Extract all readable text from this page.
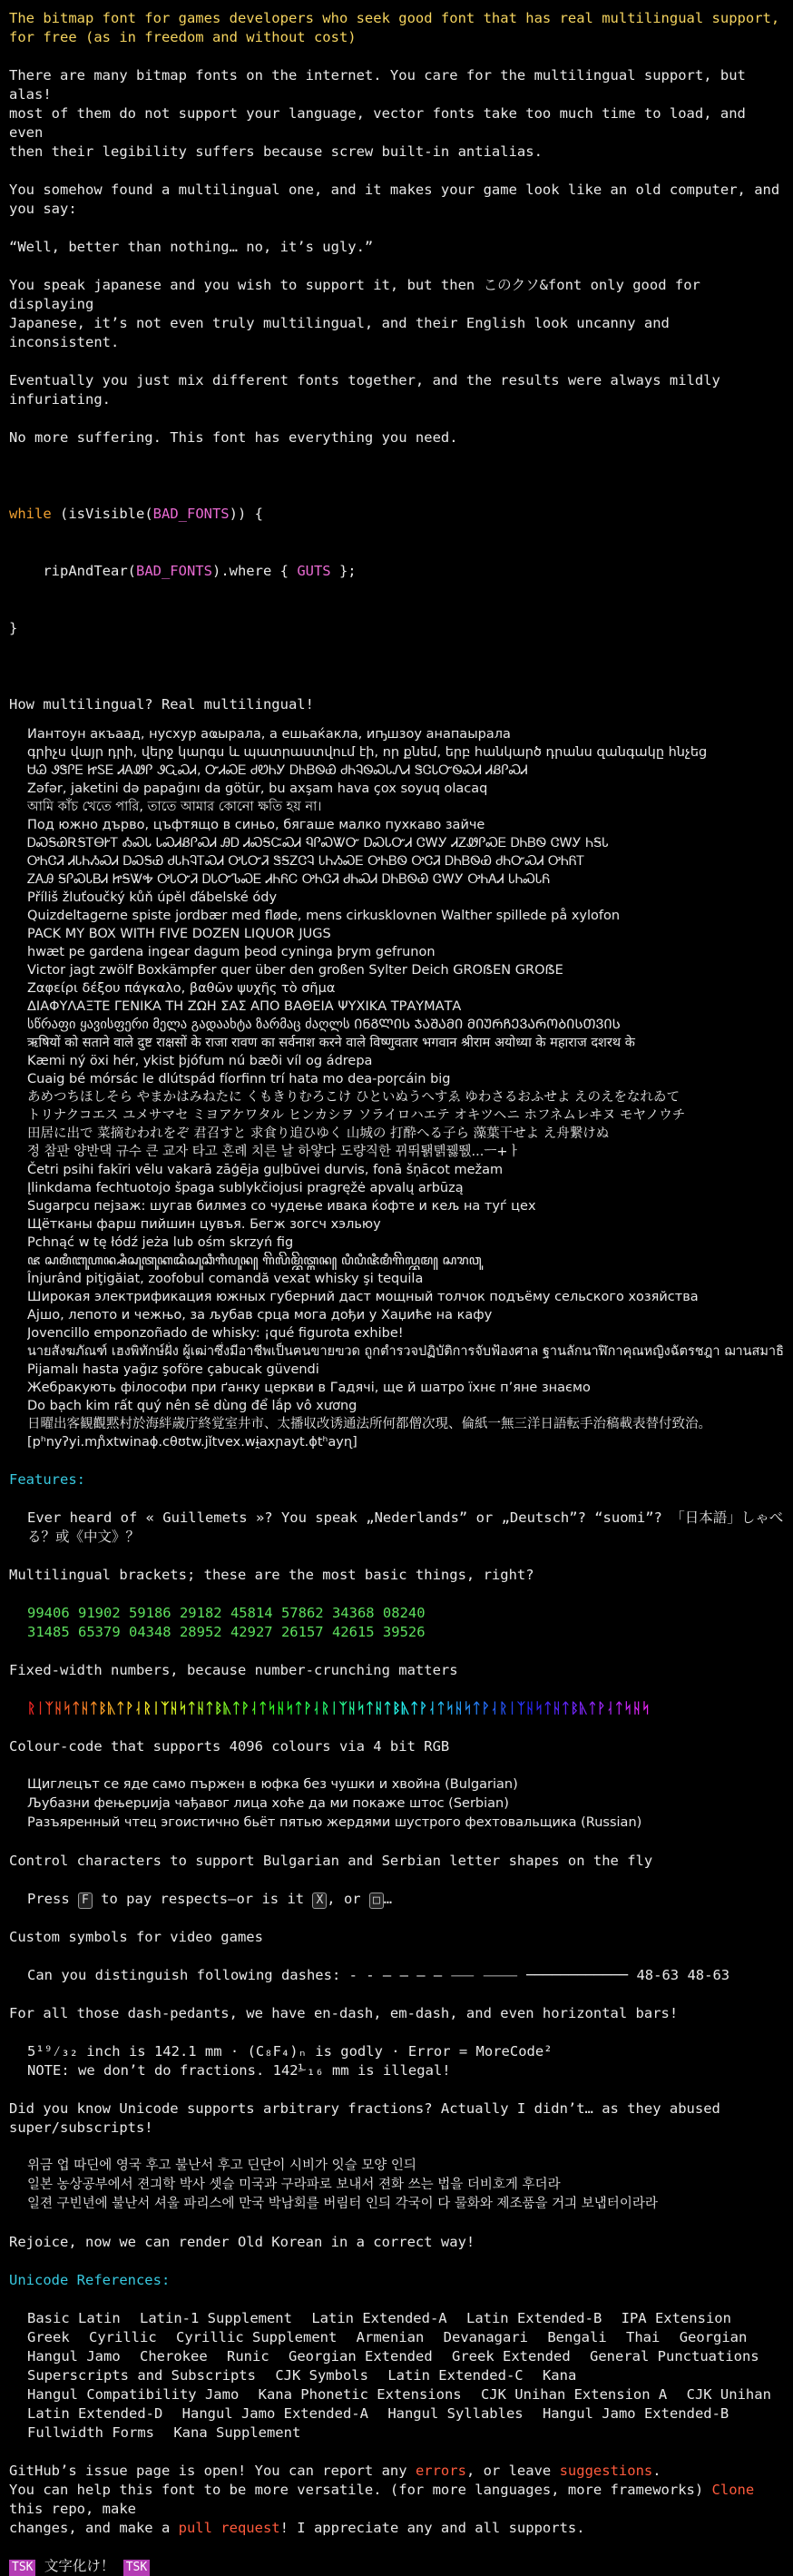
The bitmap font for games developers who seek good font that has real multilingual support,

for free (as in freedom and without cost)

There are many bitmap fonts on the internet. You care for the multilingual support, but alas!

most of them do not support your language, vector fonts take too much time to load, and even

then their legibility suffers because screw built-in antialias.

You somehow found a multilingual one, and it makes your game look like an old computer, and you say:

“Well, better than nothing… no, it’s ugly.”

You speak japanese and you wish to support it, but then このクソ&font only good for displaying

Japanese, it’s not even truly multilingual, and their English look uncanny and inconsistent.

Eventually you just mix different fonts together, and the results were always mildly infuriating.

No more suffering. This font has everything you need.

while (isVisible(BAD_FONTS)) {

ripAndTear(BAD_FONTS).where { GUTS };

}

How multilingual? Real multilingual!

Иантоун акъаад, нусхур аҩырала, а ешьаќакла, иҧшзоу анапаырала
գրիչս վայր դրի, վերջ կարգս և պատրաստվում էի, որ քնեմ, երբ հանկարծ դրանս զանգակը հնչեց
ᏌᏊ ᏭᏕᎵᎬ ᏥᏚᎬ ᏗᎪᏪᎵ ᏭᏩᏍᏗ, ᏅᏗᏍᎬ ᏧᏬᏂᎩ ᎠᏂᏴᏫᏯ ᏧᏂᎸᏫᏍᏓᏁᏗ ᏕᏣᏓᏅᏫᏍᏗ ᏗᏰᎵᏍᏗ
Zəfər, jaketini də papağını da götür, bu axşam hava çox soyuq olacaq
আমি কাঁচ খেতে পারি, তাতে আমার কোনো ক্ষতি হয় না।
Под южно дърво, цъфтящо в синьо, бягаше малко пухкаво зайче
ᎠᏍᎦᏯᎡᎦᎢᎾᎨᎢ ᎣᏍᏓ ᏓᏍᏗᏰᎵᏍᏗ ᎯᎠ ᏗᏍᎦᏨᏍᏗ ᏄᎵᏍᏔᏅ ᎠᏍᏓᏅᏗ ᏣᎳᎩ ᏗᏃᏪᎵᏍᎬ ᎠᏂᏴᏫ ᏣᎳᎩ ᏂᎦᏓ
ᎤᏂᏣᏘ ᏗᏓᏂᏱᏍᏗ ᎠᏍᎦᏯ ᏧᏓᏂᎸᎢᏍᏗ ᎤᏓᏅᏘ ᏕᎦᏃᏣᎸ ᏓᏂᏱᏍᎬ ᎤᏂᏴᏫ ᎤᏣᏘ ᎠᏂᏴᏫᏯ ᏧᏂᏅᏍᏗ ᎤᏂᏲᎢ
ᏃᎪᎯ ᎦᎵᏍᏓᏴᏗ ᏥᎦᏔᎭ ᎤᏓᏅᏘ ᎠᏓᏅᏖᏍᎬ ᏗᏂᏲᏟ ᎤᏂᏣᏘ ᏧᏂᏍᏗ ᎠᏂᏴᏫᏯ ᏣᎳᎩ ᎤᏂᎪᏗ ᏓᏂᏍᏓᏲ
Příliš žluťoučký kůň úpěl ďábelské ódy
Quizdeltagerne spiste jordbær med fløde, mens cirkusklovnen Walther spillede på xylofon
PACK MY BOX WITH FIVE DOZEN LIQUOR JUGS
hwæt pe gardena ingear dagum þeod cyninga þrym gefrunon
Victor jagt zwölf Boxkämpfer quer über den großen Sylter Deich GROẞEN GROẞE
Ζαφείρι δέξου πάγκαλο, βαθῶν ψυχῆς τὸ σῆμα
ΔΙΑΦΥΛΑΞΤΕ ΓΕΝΙΚΑ ΤΗ ΖΩΗ ΣΑΣ ΑΠΟ ΒΑΘΕΙΑ ΨΥΧΙΚΑ ΤΡΑΥΜΑΤΑ
სწრაფი ყავისფერი მელა გადაახტა ზარმაც ძაღლს ᲘᲜᲒᲚᲘᲡ ᲯᲐᲨᲐᲛᲘ ᲛᲘᲣᲠᲩᲔᲕᲐᲠᲝᲑᲘᲡᲗᲕᲘᲡ
ऋषियों को सताने वाले दुष्ट राक्षसों के राजा रावण का सर्वनाश करने वाले विष्णुवतार भगवान श्रीराम अयोध्या के महाराज दशरथ के
Kæmi ný öxi hér, ykist þjófum nú bæði víl og ádrepa
Cuaig bé mórsác le dlútspád fíorfinn trí hata mo dea-poɼcáin big
あめつちほしそら やまかはみねたに くもきりむろこけ ひといぬうへすゑ ゆわさるおふせよ えのえをなれゐて
トリナクコエス ユメサマセ ミヨアケワタル ヒンカシヲ ソライロハエテ オキツヘニ ホフネムレヰヌ モヤノウチ
田居に出で 菜摘むわれをぞ 君召すと 求食り追ひゆく 山城の 打酔へる子ら 藻葉干せよ え舟繋けぬ
정 참판 양반댁 규수 큰 교자 타고 혼례 치른 날 하얗다 도량직한 뀌뛰퇡톍꿿뛠...ㅡ+ㅏ
Četri psihi fakīri vēlu vakarā zāģēja guļbūvei durvis, fonā šņācot mežam
Įlinkdama fechtuotojo špaga sublykčiojusi pragręžė apvalų arbūzą
Sugarpcu пејзаж: шугав билмез со чудење ивака ќофте и кељ на туѓ цех
Щётканы фарш пийшин цувъя. Бегж зогсч хэльюу
Pchnąć w tę łódź jeża lub ośm skrzyń fig
ꦗ ꦱꦩꦶꦧꦸꦲꦤ꧀ꦱꦶꦱꦸꦠꦸꦏꦢꦶꦱꦸꦕꦶꦒꦶꦥꦸꦤ꧀ ꦒꦼꦭꦼꦩ꧀ꦧꦼꦠ꧀ꦭꦤ꧀ ꦥꦶꦥꦶꦗꦶꦩꦶꦒꦼꦭ꧀ꦧꦩ꧀ ꦱꦫꦮꦸ
Înjurând piţigăiat, zoofobul comandă vexat whisky şi tequila
Широкая электрификация южных губерний даст мощный толчок подъёму сельского хозяйства
Ајшо, лепото и чежњо, за љубав срца мога дођи у Хаџиће на кафу
Jovencillo emponzoñado de whisky: ¡qué figurota exhibe!
นายสังฆภัณฑ์ เฮงพิทักษ์ฝั่ง ผู้เฒ่าซึ่งมีอาชีพเป็นฅนขายฃวด ถูกตำรวจปฏิบัติการจับฟ้องศาล ฐานลักนาฬิกาคุณหญิงฉัตรชฎา ฌานสมาธิ
Pijamalı hasta yağız şoföre çabucak güvendi
Жебракують філософи при ґанку церкви в Гадячі, ще й шатро їхнє п’яне знаємо
Do bạch kim rất quý nên sẽ dùng để lắp vô xương
日曜出客観觀黙村於海絆歳庁終覚室井市、太播収改诱通法所何都僧次現、倫紙一無三洋日語転手治稿載表替付致治。
[pʰnyʔyi.mɲ̊xtwinaɸ.cθʊtw.jǐtvex.wɨ̯axɲayt.ɸtʰayɳ]

Features:

Ever heard of « Guillemets »? You speak „Nederlands” or „Deutsch”? “suomi”? 「日本語」しゃべる？或《中文》？

Multilingual brackets; these are the most basic things, right?

99406 91902 59186 29182 45814 57862 34368 08240

31485 65379 04348 28952 42927 26157 42615 39526

Fixed-width numbers, because number-crunching matters

ᚱᛁᛉᚺᛋᛏᚺᛏᛒᚣᛏᚹᛆᚱᛁᛉᚺᛋᛏᚺᛏᛒᚣᛏᚹᛆᛏᛋᚺᛋᛏᚹᛆᚱᛁᛉᚺᛋᛏᚺᛏᛒᚣᛏᚹᛆᛏᛋᚺᛋᛏᚹᛆᚱᛁᛉᚺᛋᛏᚺᛏᛒᚣᛏᚹᛆᛏᛋᚺᛋ

Colour-code that supports 4096 colours via 4 bit RGB

Щиглецът се яде само пържен в юфка без чушки и хвойна (Bulgarian)

Љубазни фењерџија чађавог лица хоће да ми покаже штос (Serbian)

Разъяренный чтец эгоистично бьёт пятью жердями шустрого фехтовальщика (Russian)

Control characters to support Bulgarian and Serbian letter shapes on the fly

Press F to pay respects—or is it X , or □ …

Custom symbols for video games

Can you distinguish following dashes: - ‐ ‒ – — ― ⸺ ⸻ ──────────── 48‑63 48-63

For all those dash-pedants, we have en-dash, em-dash, and even horizontal bars!

5¹⁹⁄₃₂ inch is 142.1 mm · (C₈F₄)ₙ is godly · Error = MoreCode²

NOTE: we don’t do fractions. 142⅟₁₆ mm is illegal!

Did you know Unicode supports arbitrary fractions? Actually I didn’t… as they abused super/subscripts!

위금 업 따딘에 영국 후고 불난서 후고 딘단이 시비가 잇슬 모양 인듸

일본 농상공부에서 젼긔학 박사 셋슬 미국과 구라파로 보내서 젼화 쓰는 법을 더비호게 후더라

일젼 구빈년에 불난서 셔울 파리스에 만국 박남회를 버림터 인듸 각국이 다 물화와 제조품을 거긔 보냅터이라라

Rejoice, now we can render Old Korean in a correct way!

Unicode References:

Basic Latin Latin-1 Supplement Latin Extended-A Latin Extended-B IPA Extension Greek Cyrillic Cyrillic Supplement Armenian Devanagari Bengali Thai Georgian Hangul Jamo Cherokee Runic Georgian Extended Greek Extended General Punctuations Superscripts and Subscripts CJK Symbols Latin Extended-C Kana Hangul Compatibility Jamo Kana Phonetic Extensions CJK Unihan Extension A CJK Unihan Latin Extended-D Hangul Jamo Extended-A Hangul Syllables Hangul Jamo Extended-B Fullwidth Forms Kana Supplement

GitHub’s issue page is open! You can report any errors, or leave suggestions.

You can help this font to be more versatile. (for more languages, more frameworks) Clone this repo, make

changes, and make a pull request! I appreciate any and all supports.

TSK 文字化け！ TSK
